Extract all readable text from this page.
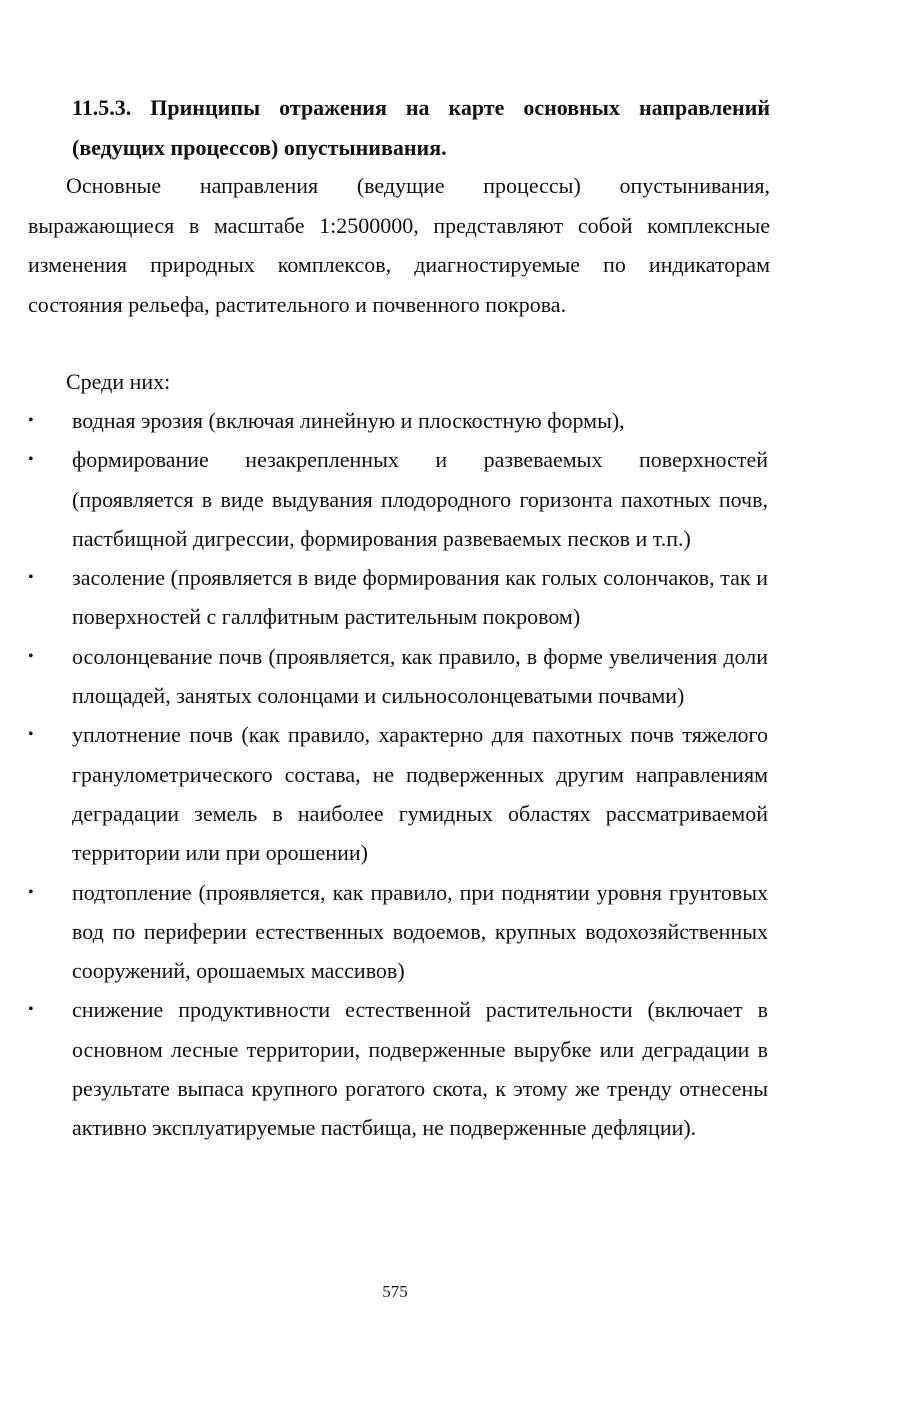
11.5.3. Принципы отражения на карте основных направлений (ведущих процессов) опустынивания.
Основные направления (ведущие процессы) опустынивания, выражающиеся в масштабе 1:2500000, представляют собой комплексные изменения природных комплексов, диагностируемые по индикаторам состояния рельефа, растительного и почвенного покрова.
Среди них:
• водная эрозия (включая линейную и плоскостную формы),
• формирование незакрепленных и развеваемых поверхностей (проявляется в виде выдувания плодородного горизонта пахотных почв, пастбищной дигрессии, формирования развеваемых песков и т.п.)
• засоление (проявляется в виде формирования как голых солончаков, так и поверхностей с галлфитным растительным покровом)
• осолонцевание почв (проявляется, как правило, в форме увеличения доли площадей, занятых солонцами и сильносолонцеватыми почвами)
• уплотнение почв (как правило, характерно для пахотных почв тяжелого гранулометрического состава, не подверженных другим направлениям деградации земель в наиболее гумидных областях рассматриваемой территории или при орошении)
• подтопление (проявляется, как правило, при поднятии уровня грунтовых вод по периферии естественных водоемов, крупных водохозяйственных сооружений, орошаемых массивов)
• снижение продуктивности естественной растительности (включает в основном лесные территории, подверженные вырубке или деградации в результате выпаса крупного рогатого скота, к этому же тренду отнесены активно эксплуатируемые пастбища, не подверженные дефляции).
575
